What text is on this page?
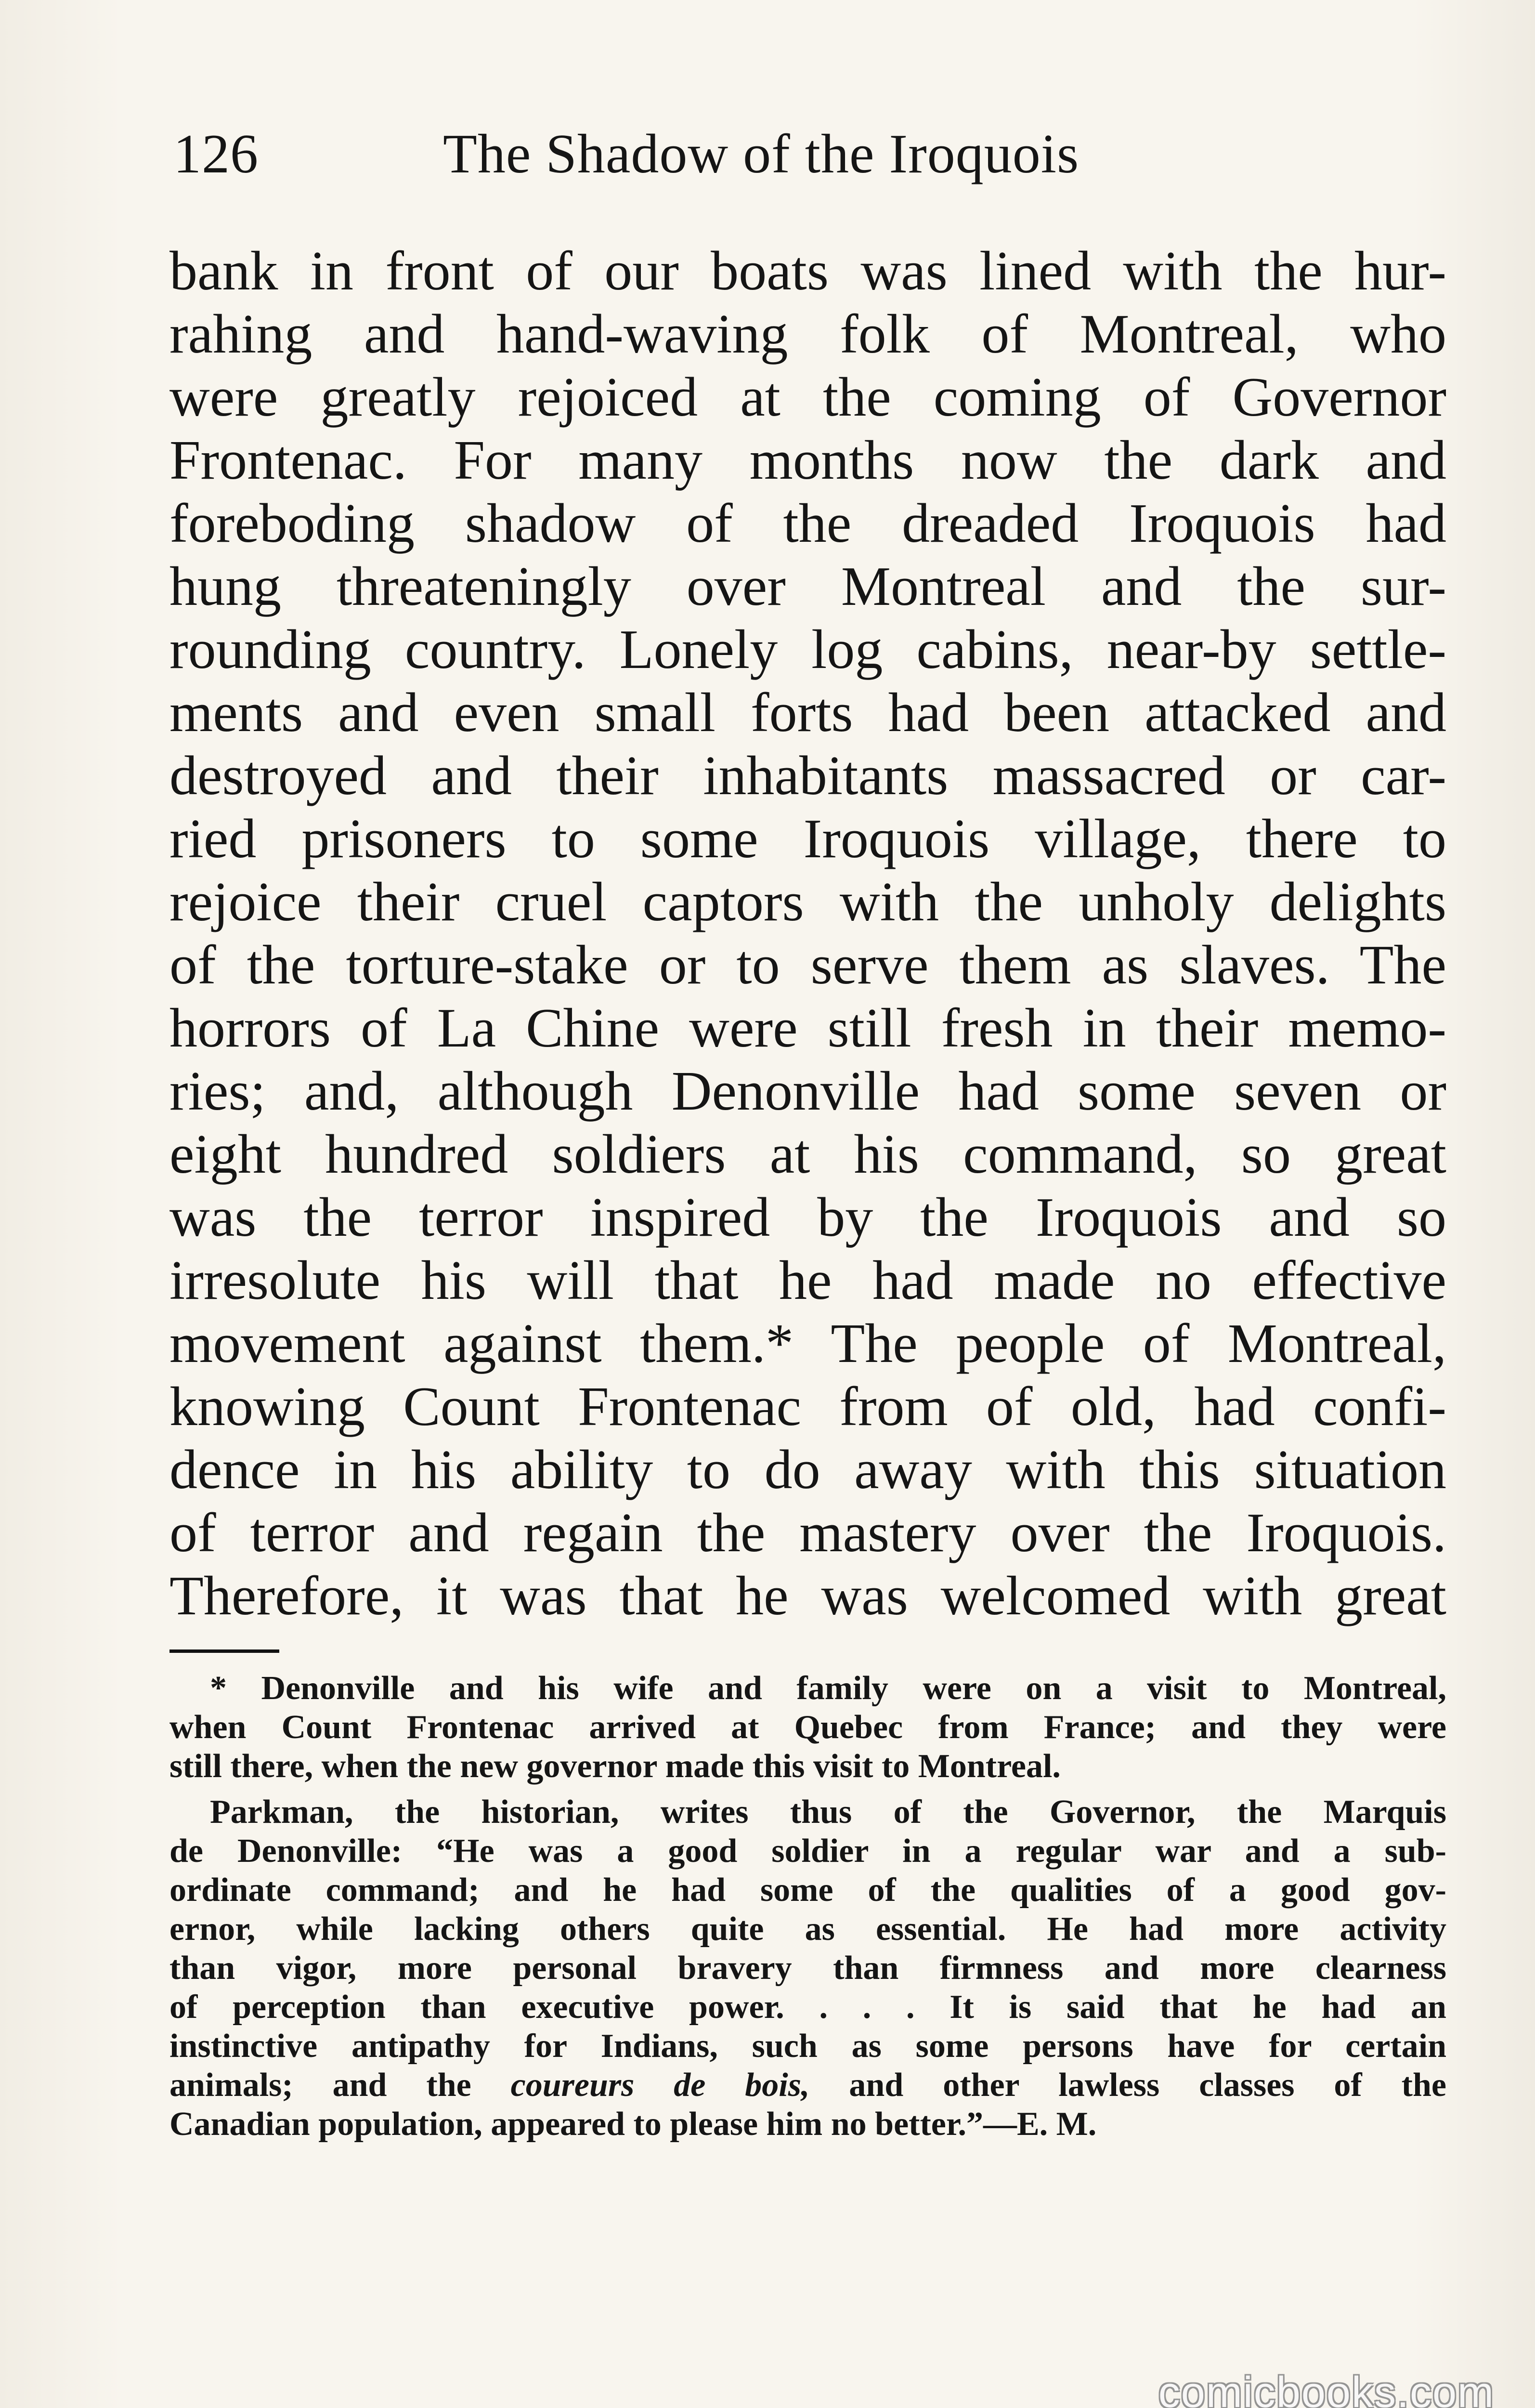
126	The Shadow of the Iroquois
bank in front of our boats was lined with the hur-
rahing and hand-waving folk of Montreal, who
were greatly rejoiced at the coming of Governor
Frontenac. For many months now the dark and
foreboding shadow of the dreaded Iroquois had
hung threateningly over Montreal and the sur-
rounding country. Lonely log cabins, near-by settle-
ments and even small forts had been attacked and
destroyed and their inhabitants massacred or car-
ried prisoners to some Iroquois village, there to
rejoice their cruel captors with the unholy delights
of the torture-stake or to serve them as slaves. The
horrors of La Chine were still fresh in their memo-
ries; and, although Denonville had some seven or
eight hundred soldiers at his command, so great
was the terror inspired by the Iroquois and so
irresolute his will that he had made no effective
movement against them.* The people of Montreal,
knowing Count Frontenac from of old, had confi-
dence in his ability to do away with this situation
of terror and regain the mastery over the Iroquois.
Therefore, it was that he was welcomed with great
* Denonville and his wife and family were on a visit to Montreal,
when Count Frontenac arrived at Quebec from France; and they were
still there, when the new governor made this visit to Montreal.
Parkman, the historian, writes thus of the Governor, the Marquis
de Denonville: “He was a good soldier in a regular war and a sub-
ordinate command; and he had some of the qualities of a good gov-
ernor, while lacking others quite as essential. He had more activity
than vigor, more personal bravery than firmness and more clearness
of perception than executive power. . . . It is said that he had an
instinctive antipathy for Indians, such as some persons have for certain
animals; and the coureurs de bois, and other lawless classes of the
Canadian population, appeared to please him no better.”—E. M.
comicbooks.com
